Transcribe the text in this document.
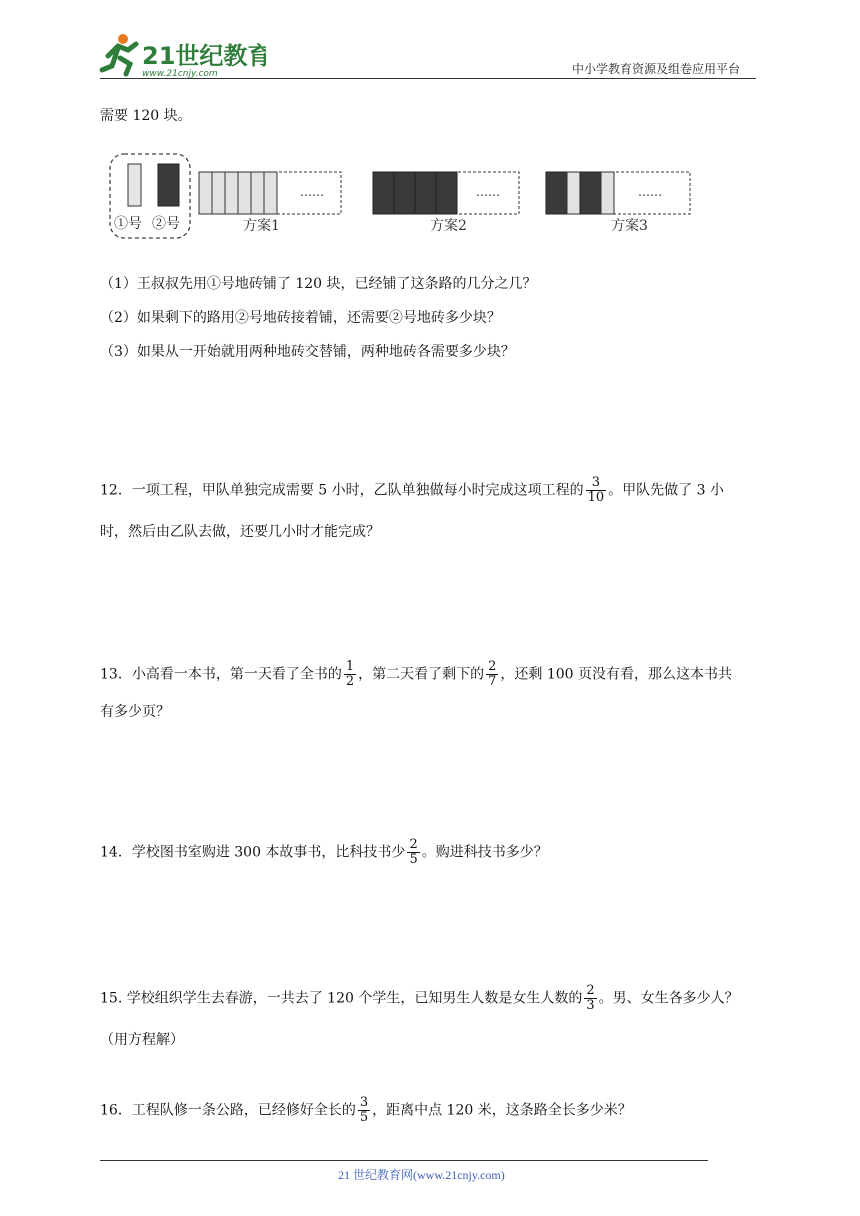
21世纪教育
www.21cnjy.com	中小学教育资源及组卷应用平台
需要 120 块。
①号 ②号
……
方案1
……
方案2
……
方案3
（1）王叔叔先用①号地砖铺了 120 块，已经铺了这条路的几分之几？
（2）如果剩下的路用②号地砖接着铺，还需要②号地砖多少块？
（3）如果从一开始就用两种地砖交替铺，两种地砖各需要多少块？
12．一项工程，甲队单独完成需要 5 小时，乙队单独做每小时完成这项工程的 $\frac{3}{10}$ 。甲队先做了 3 小
时，然后由乙队去做，还要几小时才能完成？
13．小高看一本书，第一天看了全书的 $\frac{1}{2}$ ，第二天看了剩下的 $\frac{2}{7}$ ，还剩 100 页没有看，那么这本书共
有多少页？
14．学校图书室购进 300 本故事书，比科技书少 $\frac{2}{5}$ 。购进科技书多少？
15. 学校组织学生去春游，一共去了 120 个学生，已知男生人数是女生人数的 $\frac{2}{3}$ 。男、女生各多少人？
（用方程解）
16．工程队修一条公路，已经修好全长的 $\frac{3}{5}$ ，距离中点 120 米，这条路全长多少米？
21 世纪教育网(www.21cnjy.com)
